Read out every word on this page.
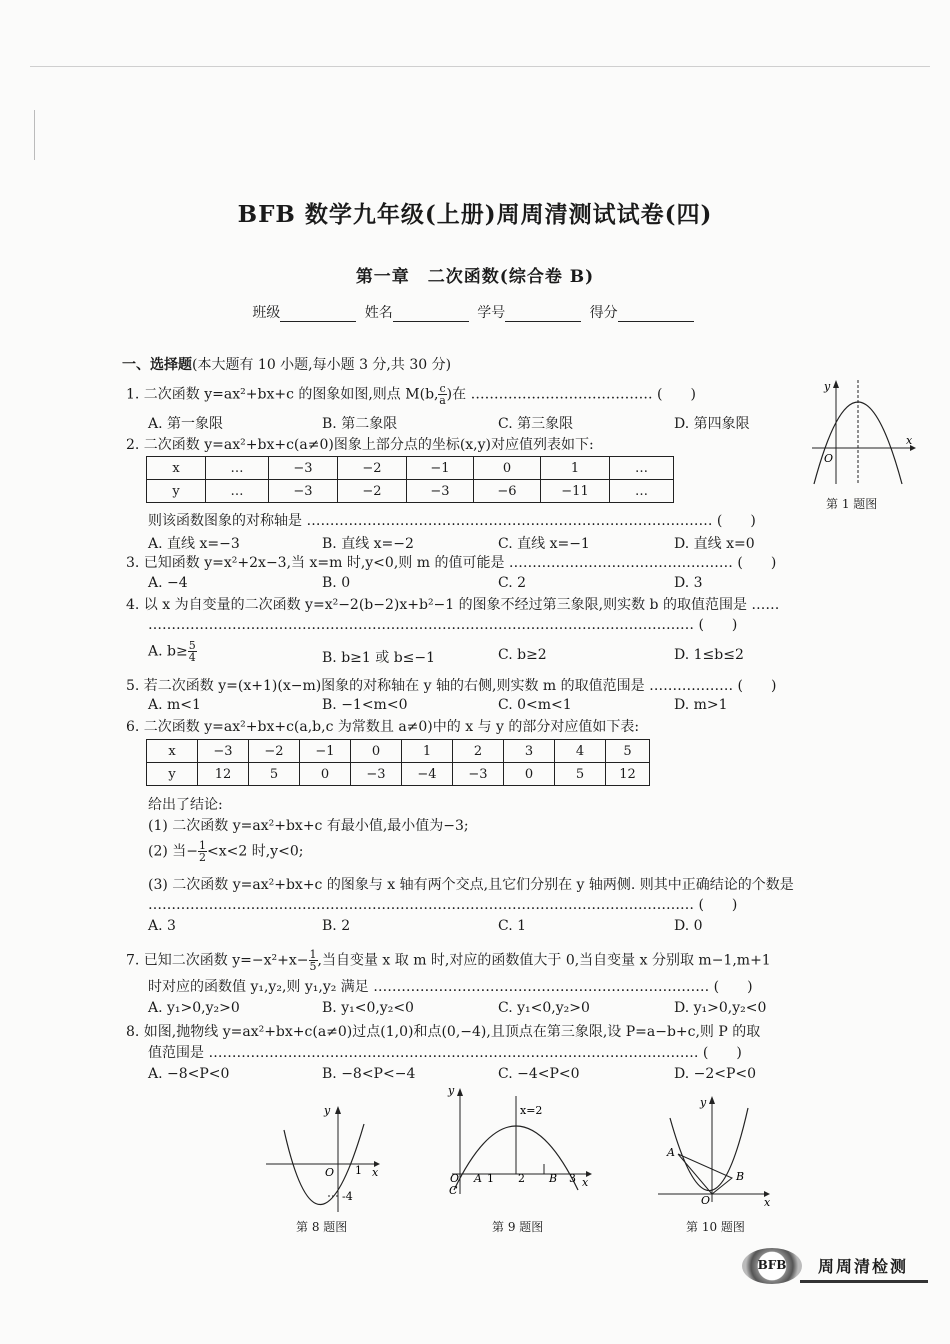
BFB 数学九年级(上册)周周清测试试卷(四)
第一章　二次函数(综合卷 B)
班级	姓名	学号	得分
一、选择题(本大题有 10 小题,每小题 3 分,共 30 分)
1. 二次函数 y=ax²+bx+c 的图象如图,则点 M(b, $\frac{c}{a}$ )在 ………………………………… (　　)
A. 第一象限	B. 第二象限	C. 第三象限	D. 第四象限
y
x
O
第 1 题图
2. 二次函数 y=ax²+bx+c(a≠0)图象上部分点的坐标(x,y)对应值列表如下:
x	…	−3	−2	−1	0	1	…
y	…	−3	−2	−3	−6	−11	…
则该函数图象的对称轴是 …………………………………………………………………………… (　　)
A. 直线 x=−3	B. 直线 x=−2	C. 直线 x=−1	D. 直线 x=0
3. 已知函数 y=x²+2x−3,当 x=m 时,y<0,则 m 的值可能是 ………………………………………… (　　)
A. −4	B. 0	C. 2	D. 3
4. 以 x 为自变量的二次函数 y=x²−2(b−2)x+b²−1 的图象不经过第三象限,则实数 b 的取值范围是 ……
……………………………………………………………………………………………………… (　　)
A. $b\ge \frac{5}{4}$	B. b≥1 或 b≤−1	C. b≥2	D. 1≤b≤2
5. 若二次函数 y=(x+1)(x−m)图象的对称轴在 y 轴的右侧,则实数 m 的取值范围是 ……………… (　　)
A. m<1	B. −1<m<0	C. 0<m<1	D. m>1
6. 二次函数 y=ax²+bx+c(a,b,c 为常数且 a≠0)中的 x 与 y 的部分对应值如下表:
x	−3	−2	−1	0	1	2	3	4	5
y	12	5	0	−3	−4	−3	0	5	12
给出了结论:
(1) 二次函数 y=ax²+bx+c 有最小值,最小值为−3;
(2) 当− $\frac{1}{2} <x<2$ 时,y<0;
(3) 二次函数 y=ax²+bx+c 的图象与 x 轴有两个交点,且它们分别在 y 轴两侧. 则其中正确结论的个数是
……………………………………………………………………………………………………… (　　)
A. 3	B. 2	C. 1	D. 0
7. 已知二次函数 $y=-x^2+x- \frac{1}{5}$ ,当自变量 x 取 m 时,对应的函数值大于 0,当自变量 x 分别取 m−1,m+1
时对应的函数值 y₁,y₂,则 y₁,y₂ 满足 ……………………………………………………………… (　　)
A. y₁>0,y₂>0	B. y₁<0,y₂<0	C. y₁<0,y₂>0	D. y₁>0,y₂<0
8. 如图,抛物线 y=ax²+bx+c(a≠0)过点(1,0)和点(0,−4),且顶点在第三象限,设 P=a−b+c,则 P 的取
值范围是 …………………………………………………………………………………………… (　　)
A. −8<P<0	B. −8<P<−4	C. −4<P<0	D. −2<P<0
y
x
O 1
-4
第 8 题图
y
x
x=2
O A 1 2 B 3
C
第 9 题图
y
x
O
A
B
第 10 题图
BFB	周周清检测
